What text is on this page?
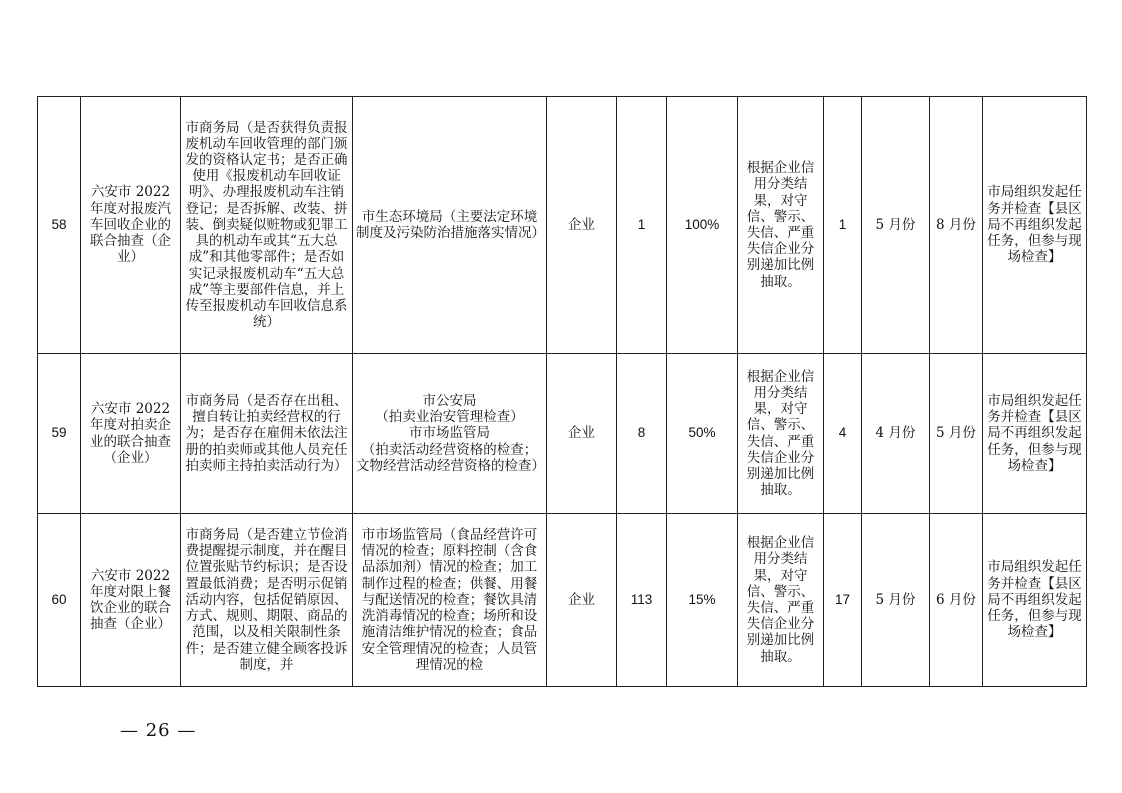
58	六安市 2022 年度对报废汽车回收企业的联合抽查（企业）	市商务局（是否获得负责报废机动车回收管理的部门颁发的资格认定书；是否正确使用《报废机动车回收证明》、办理报废机动车注销登记；是否拆解、改装、拼装、倒卖疑似赃物或犯罪工具的机动车或其“五大总成”和其他零部件；是否如实记录报废机动车“五大总成”等主要部件信息，并上传至报废机动车回收信息系统）	市生态环境局（主要法定环境制度及污染防治措施落实情况）	企业	1	100%	根据企业信用分类结果，对守信、警示、失信、严重失信企业分别递加比例抽取。	1	5 月份	8 月份	市局组织发起任务并检查【县区局不再组织发起任务，但参与现场检查】
59	六安市 2022 年度对拍卖企业的联合抽查（企业）	市商务局（是否存在出租、擅自转让拍卖经营权的行为；是否存在雇佣未依法注册的拍卖师或其他人员充任拍卖师主持拍卖活动行为）	市公安局
（拍卖业治安管理检查）
市市场监管局
（拍卖活动经营资格的检查；文物经营活动经营资格的检查）	企业	8	50%	根据企业信用分类结果，对守信、警示、失信、严重失信企业分别递加比例抽取。	4	4 月份	5 月份	市局组织发起任务并检查【县区局不再组织发起任务，但参与现场检查】
60	六安市 2022 年度对限上餐饮企业的联合抽查（企业）	市商务局（是否建立节俭消费提醒提示制度，并在醒目位置张贴节约标识；是否设置最低消费；是否明示促销活动内容，包括促销原因、方式、规则、期限、商品的范围，以及相关限制性条件；是否建立健全顾客投诉制度，并	市市场监管局（食品经营许可情况的检查；原料控制（含食品添加剂）情况的检查；加工制作过程的检查；供餐、用餐与配送情况的检查；餐饮具清洗消毒情况的检查；场所和设施清洁维护情况的检查；食品安全管理情况的检查；人员管理情况的检	企业	113	15%	根据企业信用分类结果，对守信、警示、失信、严重失信企业分别递加比例抽取。	17	5 月份	6 月份	市局组织发起任务并检查【县区局不再组织发起任务，但参与现场检查】
— 26 —
